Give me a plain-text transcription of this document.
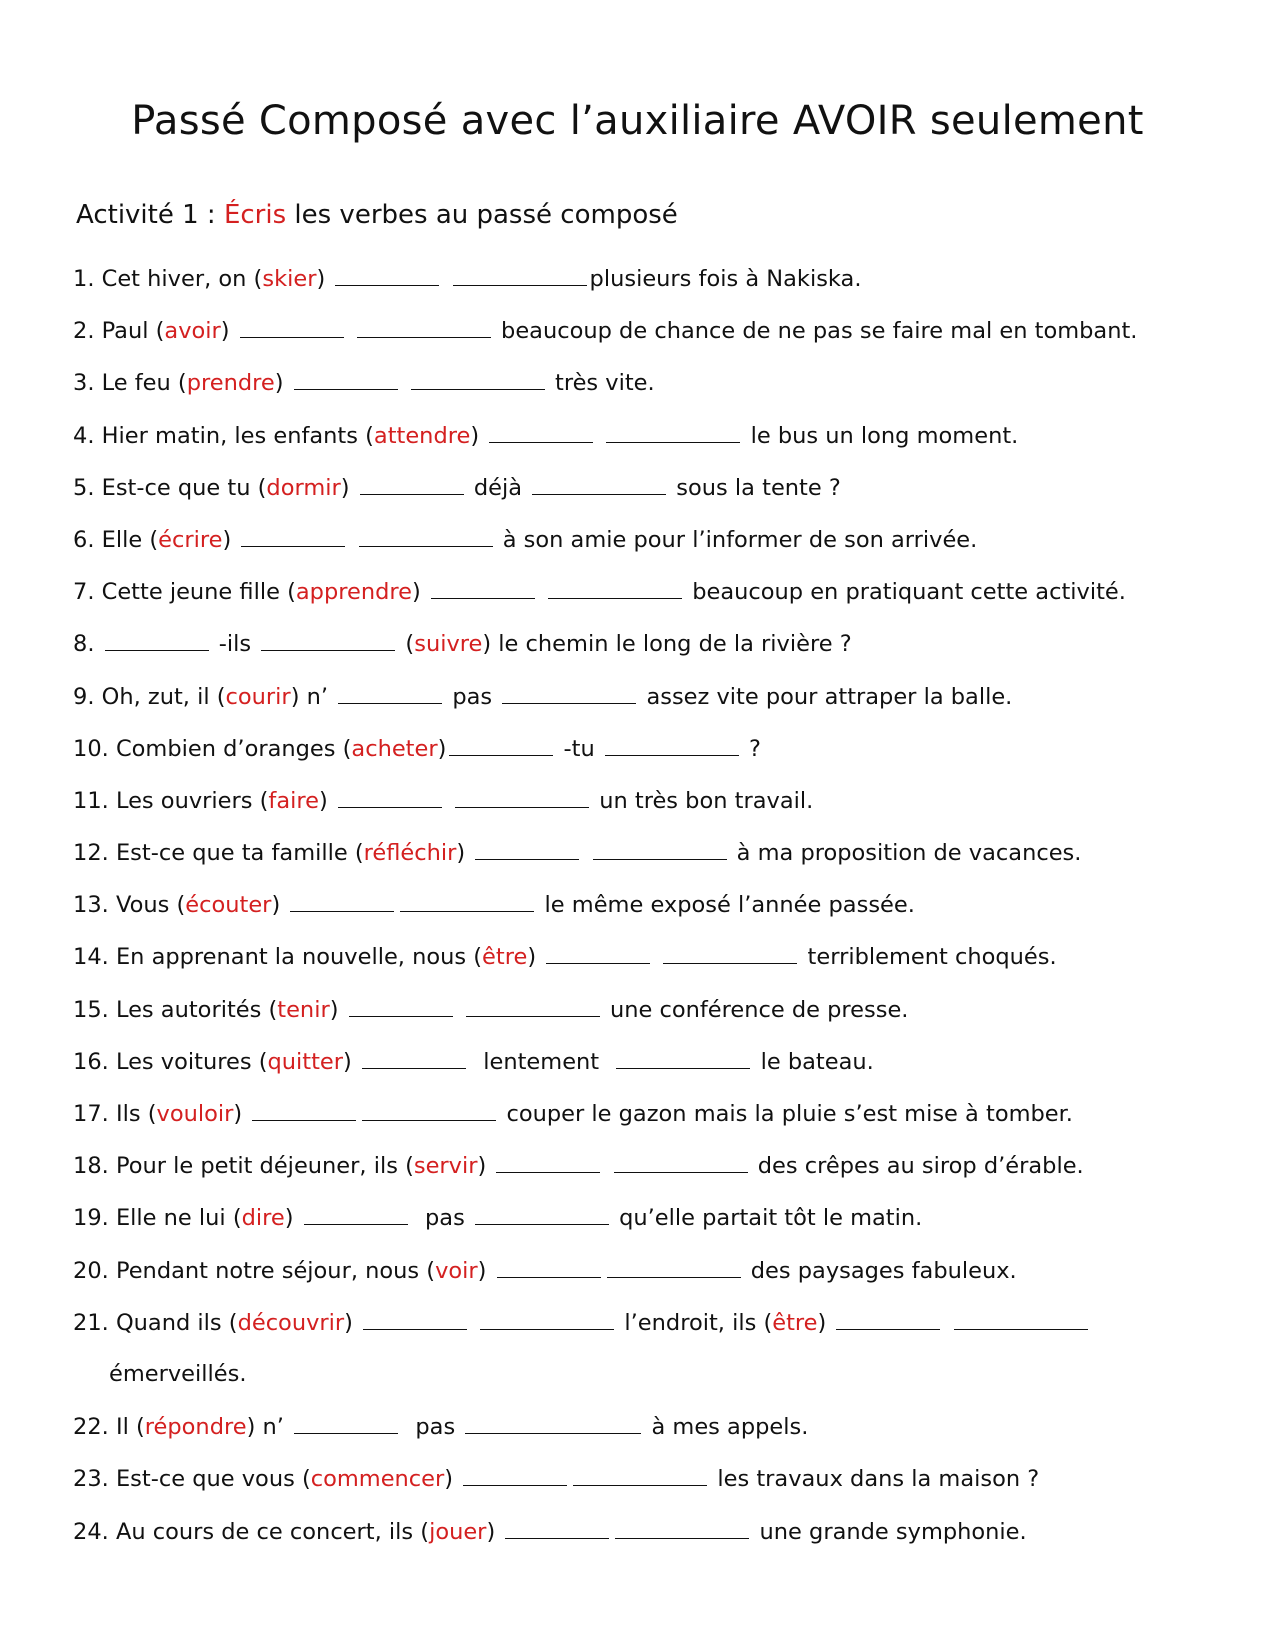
Passé Composé avec l’auxiliaire AVOIR seulement
Activité 1 : Écris les verbes au passé composé
1. Cet hiver, on (skier)	plusieurs fois à Nakiska.
2. Paul (avoir)	beaucoup de chance de ne pas se faire mal en tombant.
3. Le feu (prendre)	très vite.
4. Hier matin, les enfants (attendre)	le bus un long moment.
5. Est-ce que tu (dormir)	déjà	sous la tente ?
6. Elle (écrire)	à son amie pour l’informer de son arrivée.
7. Cette jeune fille (apprendre)	beaucoup en pratiquant cette activité.
8.	-ils	(suivre) le chemin le long de la rivière ?
9. Oh, zut, il (courir) n’	pas	assez vite pour attraper la balle.
10. Combien d’oranges (acheter)	-tu	?
11. Les ouvriers (faire)	un très bon travail.
12. Est-ce que ta famille (réfléchir)	à ma proposition de vacances.
13. Vous (écouter)	le même exposé l’année passée.
14. En apprenant la nouvelle, nous (être)	terriblement choqués.
15. Les autorités (tenir)	une conférence de presse.
16. Les voitures (quitter)	lentement	le bateau.
17. Ils (vouloir)	couper le gazon mais la pluie s’est mise à tomber.
18. Pour le petit déjeuner, ils (servir)	des crêpes au sirop d’érable.
19. Elle ne lui (dire)	pas	qu’elle partait tôt le matin.
20. Pendant notre séjour, nous (voir)	des paysages fabuleux.
21. Quand ils (découvrir)	l’endroit, ils (être)
émerveillés.
22. Il (répondre) n’	pas	à mes appels.
23. Est-ce que vous (commencer)	les travaux dans la maison ?
24. Au cours de ce concert, ils (jouer)	une grande symphonie.
